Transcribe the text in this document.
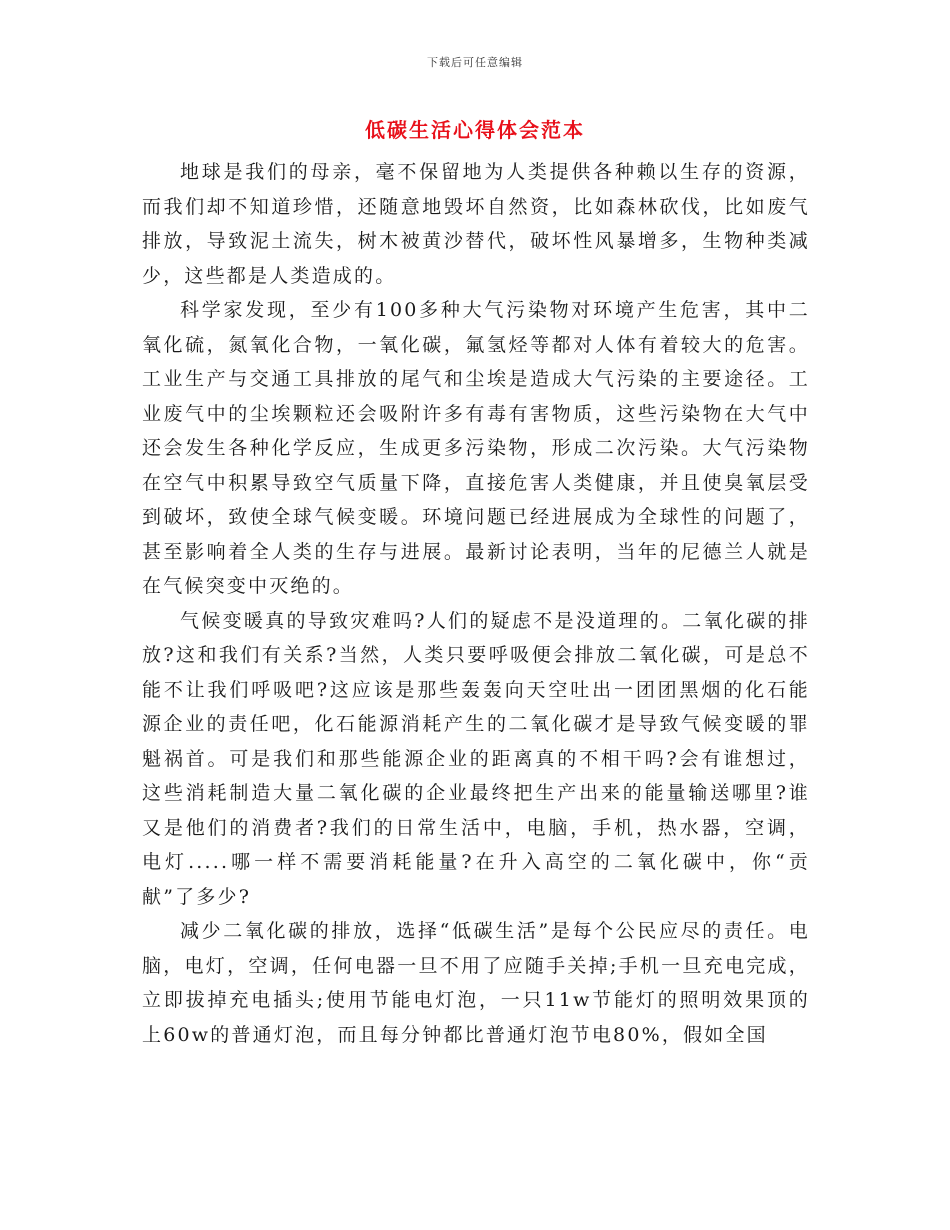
下载后可任意编辑
低碳生活心得体会范本

地球是我们的母亲，毫不保留地为人类提供各种赖以生存的资源，而我们却不知道珍惜，还随意地毁坏自然资，比如森林砍伐，比如废气排放，导致泥土流失，树木被黄沙替代，破坏性风暴增多，生物种类减少，这些都是人类造成的。

科学家发现，至少有100多种大气污染物对环境产生危害，其中二氧化硫，氮氧化合物，一氧化碳，氟氢烃等都对人体有着较大的危害。工业生产与交通工具排放的尾气和尘埃是造成大气污染的主要途径。工业废气中的尘埃颗粒还会吸附许多有毒有害物质，这些污染物在大气中还会发生各种化学反应，生成更多污染物，形成二次污染。大气污染物在空气中积累导致空气质量下降，直接危害人类健康，并且使臭氧层受到破坏，致使全球气候变暖。环境问题已经进展成为全球性的问题了，甚至影响着全人类的生存与进展。最新讨论表明，当年的尼德兰人就是在气候突变中灭绝的。

气候变暖真的导致灾难吗?人们的疑虑不是没道理的。二氧化碳的排放?这和我们有关系?当然，人类只要呼吸便会排放二氧化碳，可是总不能不让我们呼吸吧?这应该是那些轰轰向天空吐出一团团黑烟的化石能源企业的责任吧，化石能源消耗产生的二氧化碳才是导致气候变暖的罪魁祸首。可是我们和那些能源企业的距离真的不相干吗?会有谁想过，这些消耗制造大量二氧化碳的企业最终把生产出来的能量输送哪里?谁又是他们的消费者?我们的日常生活中，电脑，手机，热水器，空调，电灯.....哪一样不需要消耗能量?在升入高空的二氧化碳中，你“贡献”了多少?

减少二氧化碳的排放，选择“低碳生活”是每个公民应尽的责任。电脑，电灯，空调，任何电器一旦不用了应随手关掉;手机一旦充电完成，立即拔掉充电插头;使用节能电灯泡，一只11w节能灯的照明效果顶的上60w的普通灯泡，而且每分钟都比普通灯泡节电80%，假如全国
